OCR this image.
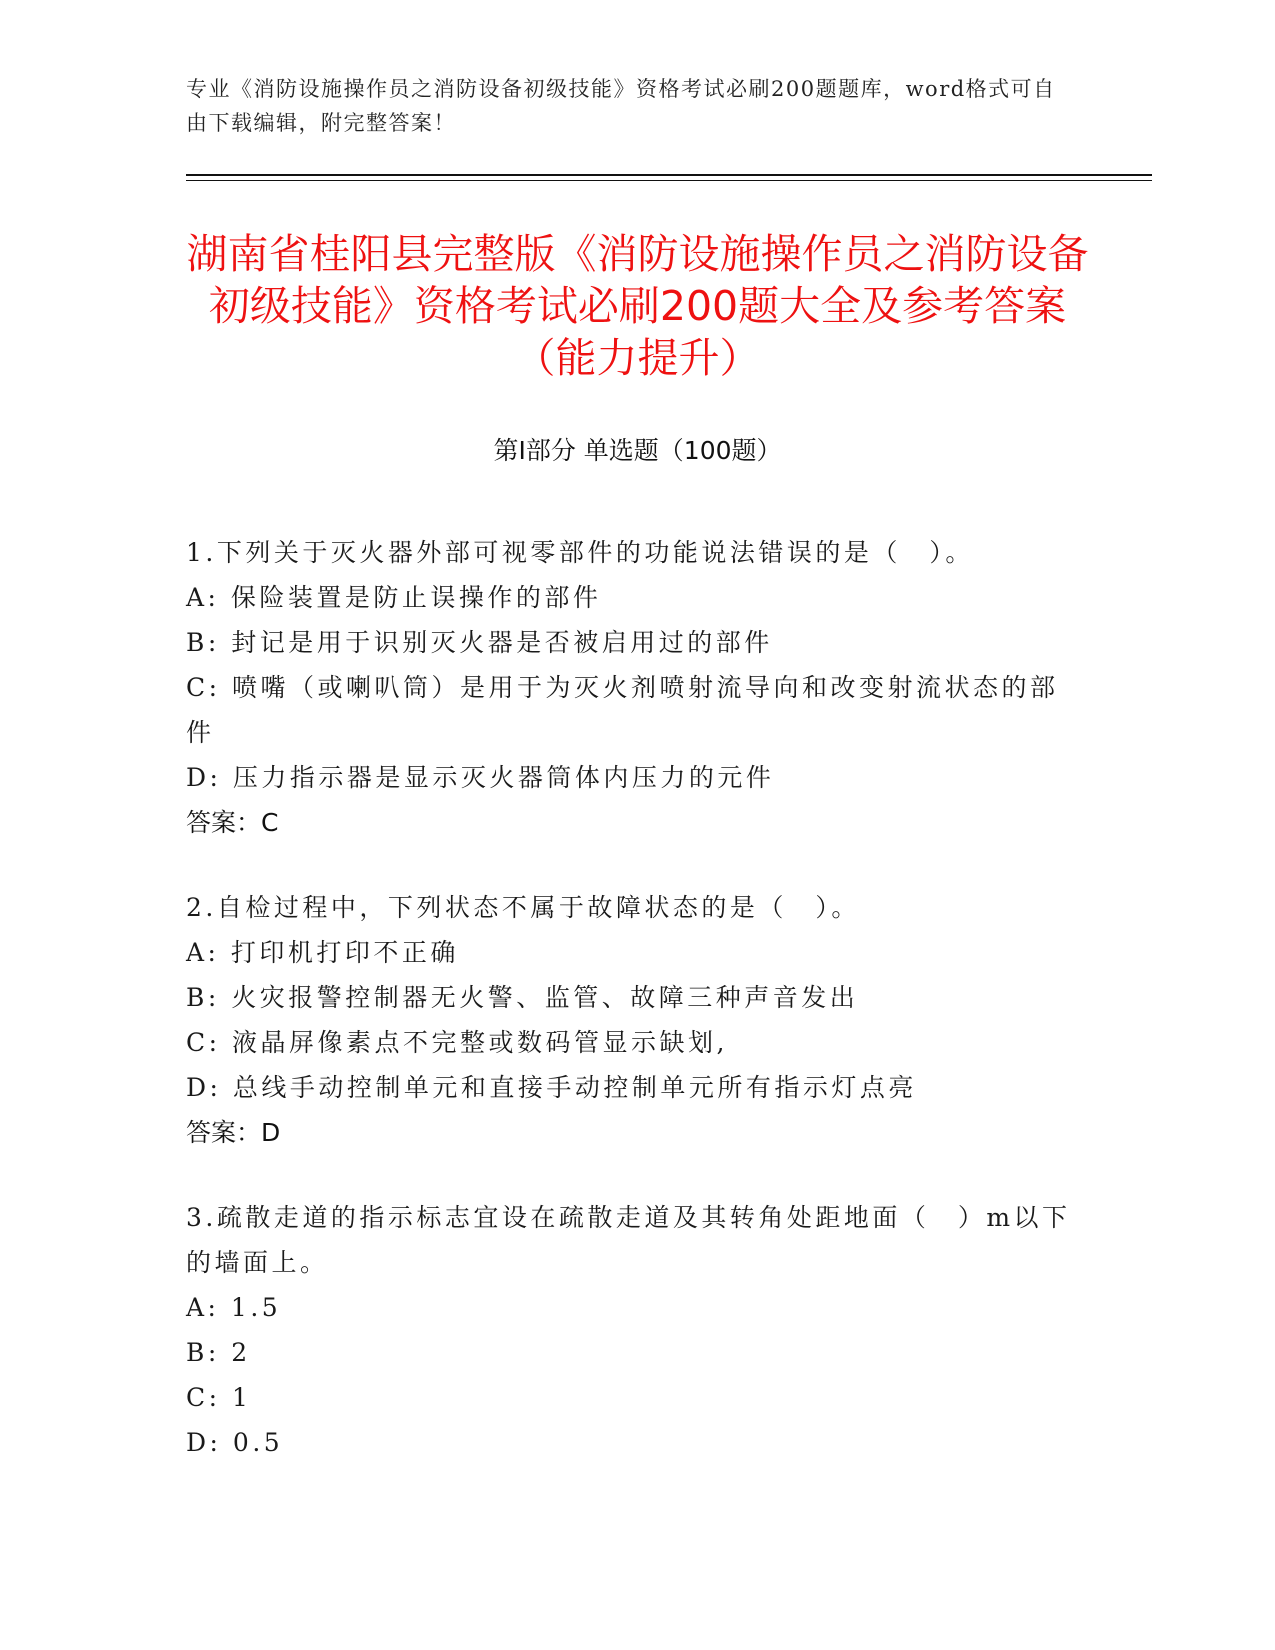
专业《消防设施操作员之消防设备初级技能》资格考试必刷200题题库，word格式可自由下载编辑，附完整答案！
湖南省桂阳县完整版《消防设施操作员之消防设备初级技能》资格考试必刷200题大全及参考答案（能力提升）
第Ⅰ部分 单选题（100题）

1.下列关于灭火器外部可视零部件的功能说法错误的是（　）。

A: 保险装置是防止误操作的部件

B: 封记是用于识别灭火器是否被启用过的部件

C: 喷嘴（或喇叭筒）是用于为灭火剂喷射流导向和改变射流状态的部件

D: 压力指示器是显示灭火器筒体内压力的元件

答案：C

2.自检过程中，下列状态不属于故障状态的是（　）。

A: 打印机打印不正确

B: 火灾报警控制器无火警、监管、故障三种声音发出

C: 液晶屏像素点不完整或数码管显示缺划,

D: 总线手动控制单元和直接手动控制单元所有指示灯点亮

答案：D

3.疏散走道的指示标志宜设在疏散走道及其转角处距地面（　）m以下的墙面上。

A: 1.5

B: 2

C: 1

D: 0.5
